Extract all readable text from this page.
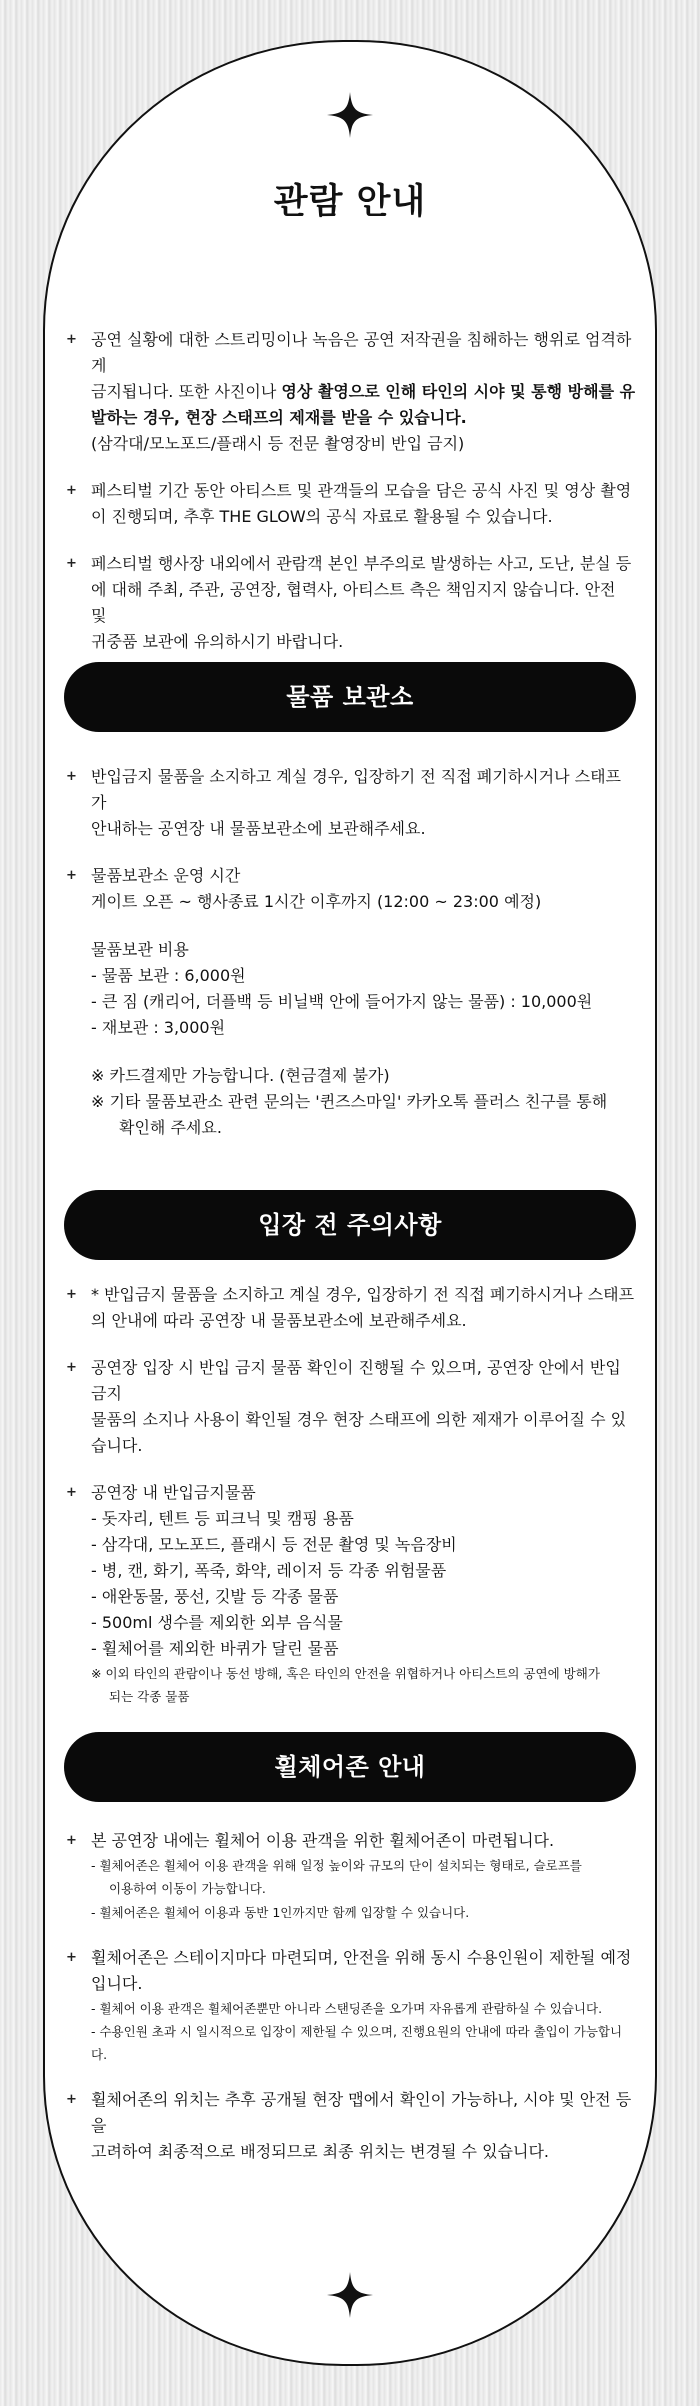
관람 안내
+ 공연 실황에 대한 스트리밍이나 녹음은 공연 저작권을 침해하는 행위로 엄격하게
금지됩니다. 또한 사진이나 영상 촬영으로 인해 타인의 시야 및 통행 방해를 유
발하는 경우, 현장 스태프의 제재를 받을 수 있습니다.
(삼각대/모노포드/플래시 등 전문 촬영장비 반입 금지)
+ 페스티벌 기간 동안 아티스트 및 관객들의 모습을 담은 공식 사진 및 영상 촬영
이 진행되며, 추후 THE GLOW의 공식 자료로 활용될 수 있습니다.
+ 페스티벌 행사장 내외에서 관람객 본인 부주의로 발생하는 사고, 도난, 분실 등
에 대해 주최, 주관, 공연장, 협력사, 아티스트 측은 책임지지 않습니다. 안전 및
귀중품 보관에 유의하시기 바랍니다.
물품 보관소
+ 반입금지 물품을 소지하고 계실 경우, 입장하기 전 직접 폐기하시거나 스태프가
안내하는 공연장 내 물품보관소에 보관해주세요.
+ 물품보관소 운영 시간
게이트 오픈 ~ 행사종료 1시간 이후까지 (12:00 ~ 23:00 예정)
물품보관 비용
- 물품 보관 : 6,000원
- 큰 짐 (캐리어, 더플백 등 비닐백 안에 들어가지 않는 물품) : 10,000원
- 재보관 : 3,000원
※ 카드결제만 가능합니다. (현금결제 불가)
※ 기타 물품보관소 관련 문의는 '퀸즈스마일' 카카오톡 플러스 친구를 통해
확인해 주세요.
입장 전 주의사항
+ * 반입금지 물품을 소지하고 계실 경우, 입장하기 전 직접 폐기하시거나 스태프
의 안내에 따라 공연장 내 물품보관소에 보관해주세요.
+ 공연장 입장 시 반입 금지 물품 확인이 진행될 수 있으며, 공연장 안에서 반입금지
물품의 소지나 사용이 확인될 경우 현장 스태프에 의한 제재가 이루어질 수 있습니다.
+ 공연장 내 반입금지물품
- 돗자리, 텐트 등 피크닉 및 캠핑 용품
- 삼각대, 모노포드, 플래시 등 전문 촬영 및 녹음장비
- 병, 캔, 화기, 폭죽, 화약, 레이저 등 각종 위험물품
- 애완동물, 풍선, 깃발 등 각종 물품
- 500ml 생수를 제외한 외부 음식물
- 휠체어를 제외한 바퀴가 달린 물품
※ 이외 타인의 관람이나 동선 방해, 혹은 타인의 안전을 위협하거나 아티스트의 공연에 방해가
되는 각종 물품
휠체어존 안내
+ 본 공연장 내에는 휠체어 이용 관객을 위한 휠체어존이 마련됩니다.
- 휠체어존은 휠체어 이용 관객을 위해 일정 높이와 규모의 단이 설치되는 형태로, 슬로프를
이용하여 이동이 가능합니다.
- 휠체어존은 휠체어 이용과 동반 1인까지만 함께 입장할 수 있습니다.
+ 휠체어존은 스테이지마다 마련되며, 안전을 위해 동시 수용인원이 제한될 예정입니다.
- 휠체어 이용 관객은 휠체어존뿐만 아니라 스탠딩존을 오가며 자유롭게 관람하실 수 있습니다.
- 수용인원 초과 시 일시적으로 입장이 제한될 수 있으며, 진행요원의 안내에 따라 출입이 가능합니다.
+ 휠체어존의 위치는 추후 공개될 현장 맵에서 확인이 가능하나, 시야 및 안전 등을
고려하여 최종적으로 배정되므로 최종 위치는 변경될 수 있습니다.
